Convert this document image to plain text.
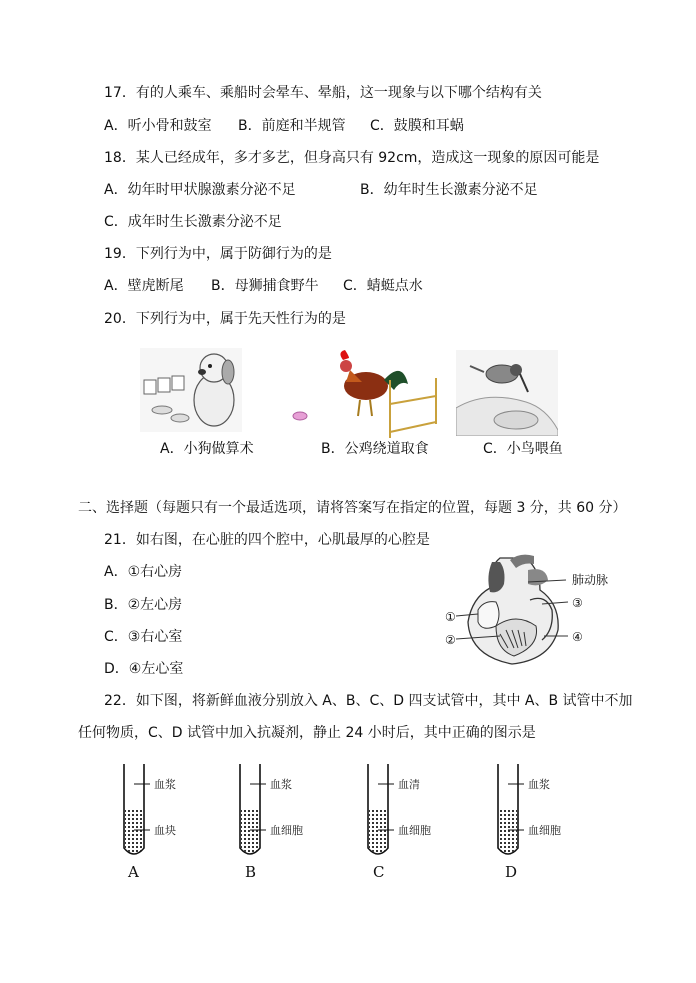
17．有的人乘车、乘船时会晕车、晕船，这一现象与以下哪个结构有关
A．听小骨和鼓室 B．前庭和半规管 C．鼓膜和耳蜗
18．某人已经成年，多才多艺，但身高只有 92cm，造成这一现象的原因可能是
A．幼年时甲状腺激素分泌不足	B．幼年时生长激素分泌不足
C．成年时生长激素分泌不足
19．下列行为中，属于防御行为的是
A．壁虎断尾 B．母狮捕食野牛 C．蜻蜓点水
20．下列行为中，属于先天性行为的是
A．小狗做算术	B．公鸡绕道取食	C．小鸟喂鱼
二、选择题（每题只有一个最适选项，请将答案写在指定的位置，每题 3 分，共 60 分）
21．如右图，在心脏的四个腔中，心肌最厚的心腔是
A．①右心房
B．②左心房
C．③右心室
D．④左心室
肺动脉
①
②
③
④
22．如下图，将新鲜血液分别放入 A、B、C、D 四支试管中，其中 A、B 试管中不加
任何物质，C、D 试管中加入抗凝剂，静止 24 小时后，其中正确的图示是
血浆
血块
血浆
血细胞
血清
血细胞
血浆
血细胞
A	B	C	D
